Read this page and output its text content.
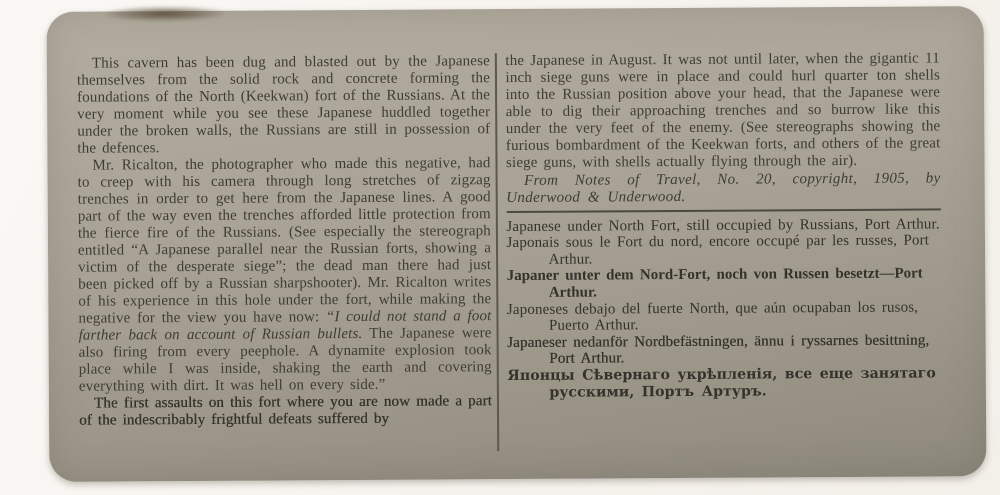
This cavern has been dug and blasted out by the Japanese themselves from the solid rock and concrete forming the foundations of the North (Keekwan) fort of the Russians. At the very moment while you see these Japanese huddled together under the broken walls, the Russians are still in possession of the defences.

Mr. Ricalton, the photographer who made this negative, had to creep with his camera through long stretches of zigzag trenches in order to get here from the Japanese lines. A good part of the way even the trenches afforded little protection from the fierce fire of the Russians. (See especially the stereograph entitled “A Japanese parallel near the Russian forts, showing a victim of the desperate siege”; the dead man there had just been picked off by a Russian sharpshooter). Mr. Ricalton writes of his experience in this hole under the fort, while making the negative for the view you have now: “I could not stand a foot farther back on account of Russian bullets. The Japanese were also firing from every peephole. A dynamite explosion took place while I was inside, shaking the earth and covering everything with dirt. It was hell on every side.”

The first assaults on this fort where you are now made a part of the indescribably frightful defeats suffered by

the Japanese in August. It was not until later, when the gigantic 11 inch siege guns were in place and could hurl quarter ton shells into the Russian position above your head, that the Japanese were able to dig their approaching trenches and so burrow like this under the very feet of the enemy. (See stereographs showing the furious bombardment of the Keekwan forts, and others of the great siege guns, with shells actually flying through the air).

From Notes of Travel, No. 20, copyright, 1905, by Underwood & Underwood.

Japanese under North Fort, still occupied by Russians, Port Arthur.
Japonais sous le Fort du nord, encore occupé par les russes, Port Arthur.
Japaner unter dem Nord-Fort, noch von Russen besetzt—Port Arthur.
Japoneses debajo del fuerte North, que aún ocupaban los rusos, Puerto Arthur.
Japaneser nedanför Nordbefästningen, ännu i ryssarnes besittning, Port Arthur.
Японцы Сѣвернаго укрѣпленія, все еще занятаго русскими, Портъ Артуръ.
